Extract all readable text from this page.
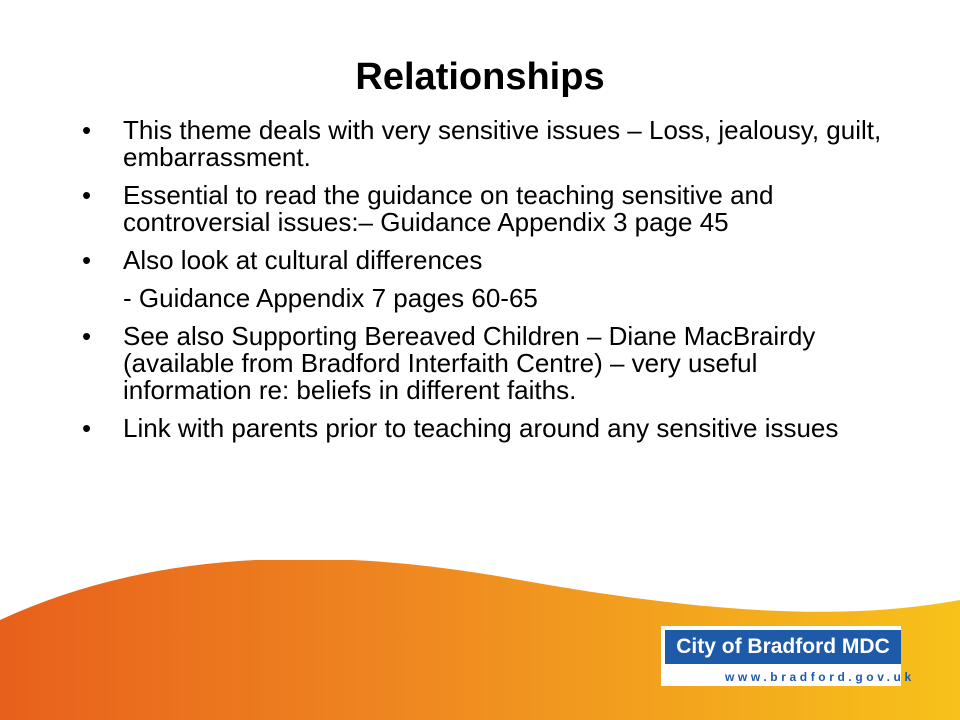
Relationships
• This theme deals with very sensitive issues – Loss, jealousy, guilt, embarrassment.
• Essential to read the guidance on teaching sensitive and controversial issues:– Guidance Appendix 3 page 45
• Also look at cultural differences
- Guidance Appendix 7 pages 60-65
• See also Supporting Bereaved Children – Diane MacBrairdy (available from Bradford Interfaith Centre) – very useful information re: beliefs in different faiths.
• Link with parents prior to teaching around any sensitive issues
City of Bradford MDC
www.bradford.gov.uk
